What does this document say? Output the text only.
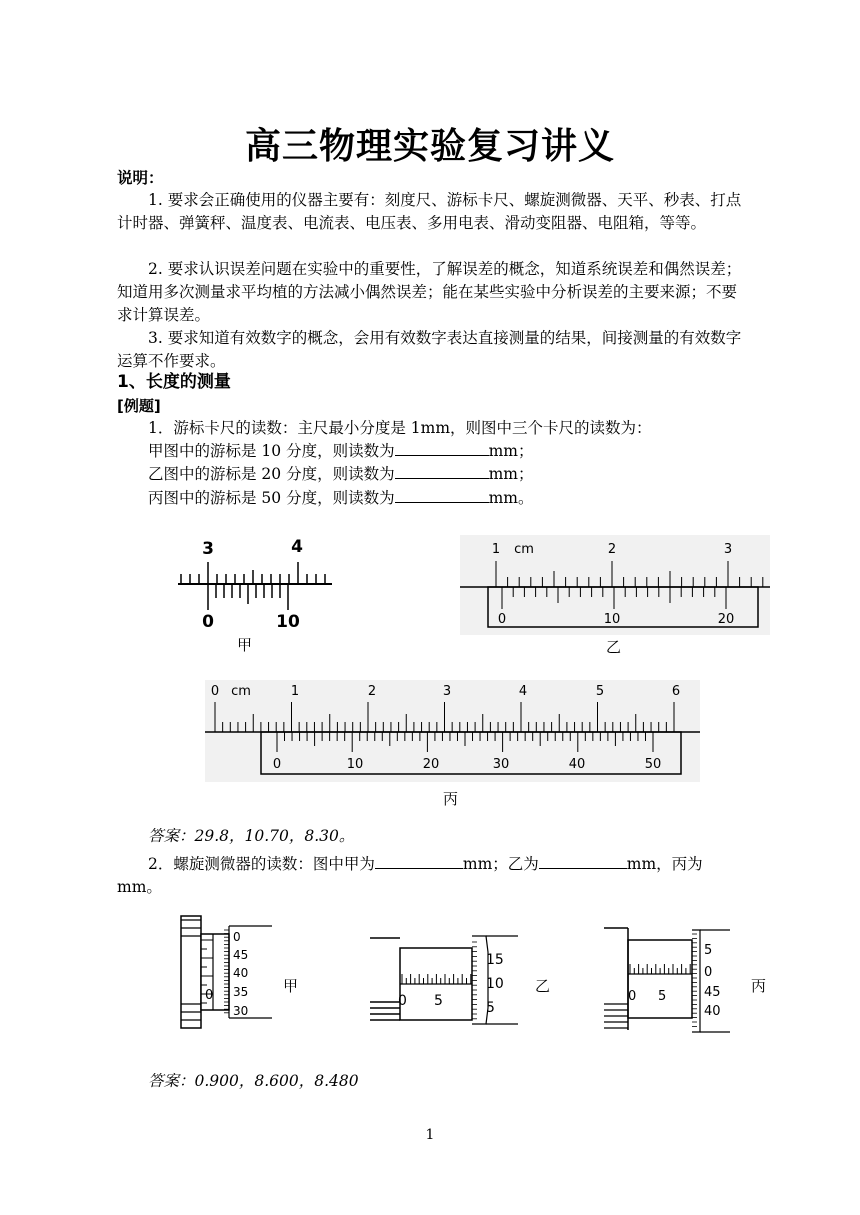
高三物理实验复习讲义
说明：
1. 要求会正确使用的仪器主要有：刻度尺、游标卡尺、螺旋测微器、天平、秒表、打点计时器、弹簧秤、温度表、电流表、电压表、多用电表、滑动变阻器、电阻箱，等等。
2. 要求认识误差问题在实验中的重要性，了解误差的概念，知道系统误差和偶然误差；知道用多次测量求平均植的方法减小偶然误差；能在某些实验中分析误差的主要来源；不要求计算误差。
3. 要求知道有效数字的概念，会用有效数字表达直接测量的结果，间接测量的有效数字运算不作要求。
1、长度的测量
[例题]
1．游标卡尺的读数：主尺最小分度是 1mm，则图中三个卡尺的读数为：
甲图中的游标是 10 分度，则读数为	mm；
乙图中的游标是 20 分度，则读数为	mm；
丙图中的游标是 50 分度，则读数为	mm。
3	4
0	10
甲
1 cm	2	3
0	10	20
乙
0 cm	1	2	3	4	5	6
0	10	20	30	40	50
丙
答案：29.8，10.70，8.30。
2．螺旋测微器的读数：图中甲为	mm；乙为	mm，丙为
mm。
0
0
45
40
35
30
甲
0 5
15
10
5
乙
0 5
5
0
45
40
丙
答案：0.900，8.600，8.480
1
